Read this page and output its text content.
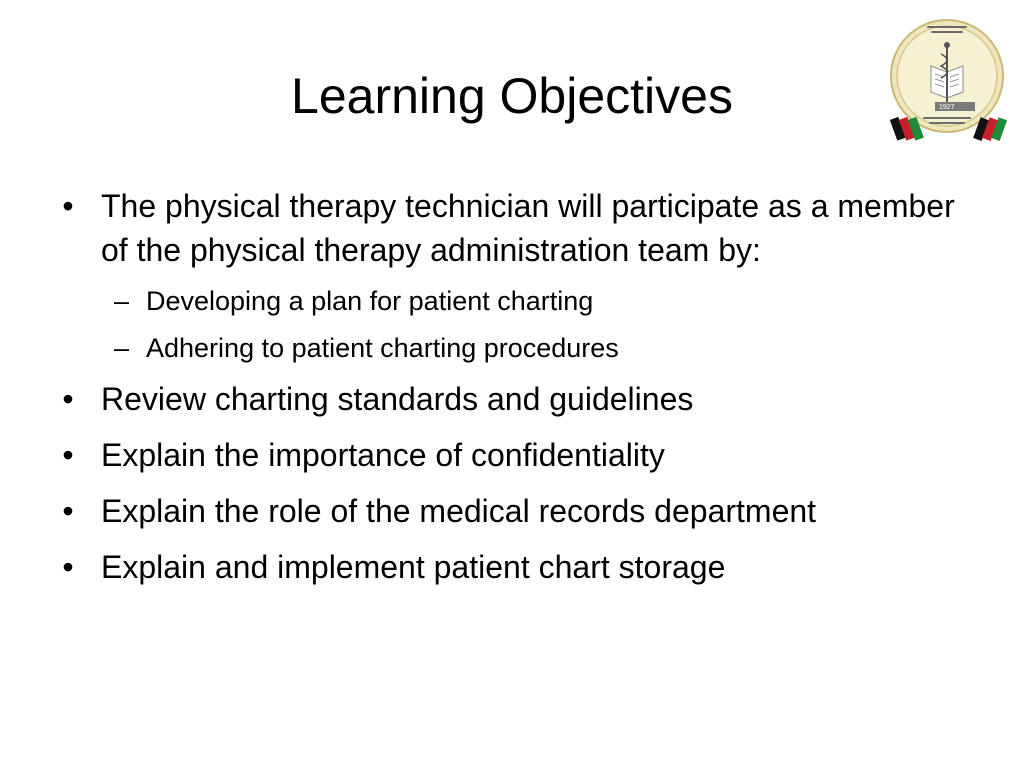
Learning Objectives	1927
• The physical therapy technician will participate as a member of the physical therapy administration team by:
– Developing a plan for patient charting
– Adhering to patient charting procedures
• Review charting standards and guidelines
• Explain the importance of confidentiality
• Explain the role of the medical records department
• Explain and implement patient chart storage
